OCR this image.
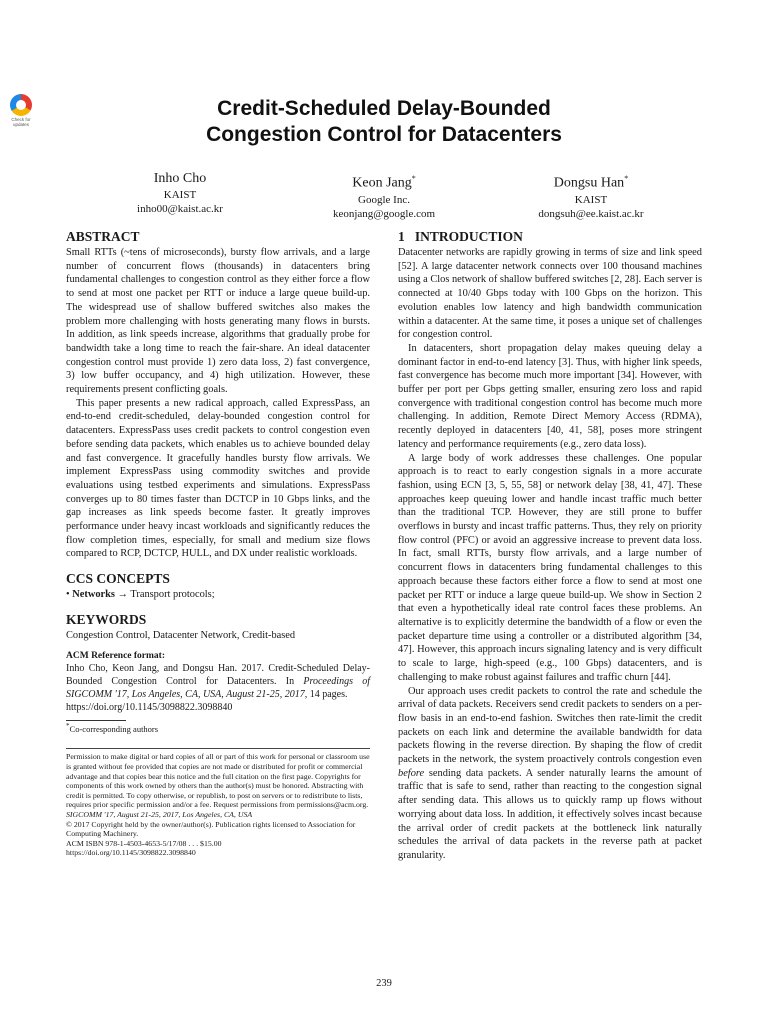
Check for updates
Credit-Scheduled Delay-Bounded
Congestion Control for Datacenters
Inho Cho
KAIST
inho00@kaist.ac.kr
Keon Jang*
Google Inc.
keonjang@google.com
Dongsu Han*
KAIST
dongsuh@ee.kaist.ac.kr
ABSTRACT

Small RTTs (~tens of microseconds), bursty flow arrivals, and a large number of concurrent flows (thousands) in datacenters bring fundamental challenges to congestion control as they either force a flow to send at most one packet per RTT or induce a large queue build-up. The widespread use of shallow buffered switches also makes the problem more challenging with hosts generating many flows in bursts. In addition, as link speeds increase, algorithms that gradually probe for bandwidth take a long time to reach the fair-share. An ideal datacenter congestion control must provide 1) zero data loss, 2) fast convergence, 3) low buffer occupancy, and 4) high utilization. However, these requirements present conflicting goals.

This paper presents a new radical approach, called ExpressPass, an end-to-end credit-scheduled, delay-bounded congestion control for datacenters. ExpressPass uses credit packets to control congestion even before sending data packets, which enables us to achieve bounded delay and fast convergence. It gracefully handles bursty flow arrivals. We implement ExpressPass using commodity switches and provide evaluations using testbed experiments and simulations. ExpressPass converges up to 80 times faster than DCTCP in 10 Gbps links, and the gap increases as link speeds become faster. It greatly improves performance under heavy incast workloads and significantly reduces the flow completion times, especially, for small and medium size flows compared to RCP, DCTCP, HULL, and DX under realistic workloads.

CCS CONCEPTS

• Networks → Transport protocols;

KEYWORDS

Congestion Control, Datacenter Network, Credit-based

ACM Reference format:

Inho Cho, Keon Jang, and Dongsu Han. 2017. Credit-Scheduled Delay-Bounded Congestion Control for Datacenters. In Proceedings of SIGCOMM '17, Los Angeles, CA, USA, August 21-25, 2017, 14 pages.
https://doi.org/10.1145/3098822.3098840

*Co-corresponding authors

Permission to make digital or hard copies of all or part of this work for personal or classroom use is granted without fee provided that copies are not made or distributed for profit or commercial advantage and that copies bear this notice and the full citation on the first page. Copyrights for components of this work owned by others than the author(s) must be honored. Abstracting with credit is permitted. To copy otherwise, or republish, to post on servers or to redistribute to lists, requires prior specific permission and/or a fee. Request permissions from permissions@acm.org.

SIGCOMM '17, August 21-25, 2017, Los Angeles, CA, USA

© 2017 Copyright held by the owner/author(s). Publication rights licensed to Association for Computing Machinery.

ACM ISBN 978-1-4503-4653-5/17/08 . . . $15.00

https://doi.org/10.1145/3098822.3098840

1   INTRODUCTION

Datacenter networks are rapidly growing in terms of size and link speed [52]. A large datacenter network connects over 100 thousand machines using a Clos network of shallow buffered switches [2, 28]. Each server is connected at 10/40 Gbps today with 100 Gbps on the horizon. This evolution enables low latency and high bandwidth communication within a datacenter. At the same time, it poses a unique set of challenges for congestion control.

In datacenters, short propagation delay makes queuing delay a dominant factor in end-to-end latency [3]. Thus, with higher link speeds, fast convergence has become much more important [34]. However, with buffer per port per Gbps getting smaller, ensuring zero loss and rapid convergence with traditional congestion control has become much more challenging. In addition, Remote Direct Memory Access (RDMA), recently deployed in datacenters [40, 41, 58], poses more stringent latency and performance requirements (e.g., zero data loss).

A large body of work addresses these challenges. One popular approach is to react to early congestion signals in a more accurate fashion, using ECN [3, 5, 55, 58] or network delay [38, 41, 47]. These approaches keep queuing lower and handle incast traffic much better than the traditional TCP. However, they are still prone to buffer overflows in bursty and incast traffic patterns. Thus, they rely on priority flow control (PFC) or avoid an aggressive increase to prevent data loss. In fact, small RTTs, bursty flow arrivals, and a large number of concurrent flows in datacenters bring fundamental challenges to this approach because these factors either force a flow to send at most one packet per RTT or induce a large queue build-up. We show in Section 2 that even a hypothetically ideal rate control faces these problems. An alternative is to explicitly determine the bandwidth of a flow or even the packet departure time using a controller or a distributed algorithm [34, 47]. However, this approach incurs signaling latency and is very difficult to scale to large, high-speed (e.g., 100 Gbps) datacenters, and is challenging to make robust against failures and traffic churn [44].

Our approach uses credit packets to control the rate and schedule the arrival of data packets. Receivers send credit packets to senders on a per-flow basis in an end-to-end fashion. Switches then rate-limit the credit packets on each link and determine the available bandwidth for data packets flowing in the reverse direction. By shaping the flow of credit packets in the network, the system proactively controls congestion even before sending data packets. A sender naturally learns the amount of traffic that is safe to send, rather than reacting to the congestion signal after sending data. This allows us to quickly ramp up flows without worrying about data loss. In addition, it effectively solves incast because the arrival order of credit packets at the bottleneck link naturally schedules the arrival of data packets in the reverse path at packet granularity.

239
